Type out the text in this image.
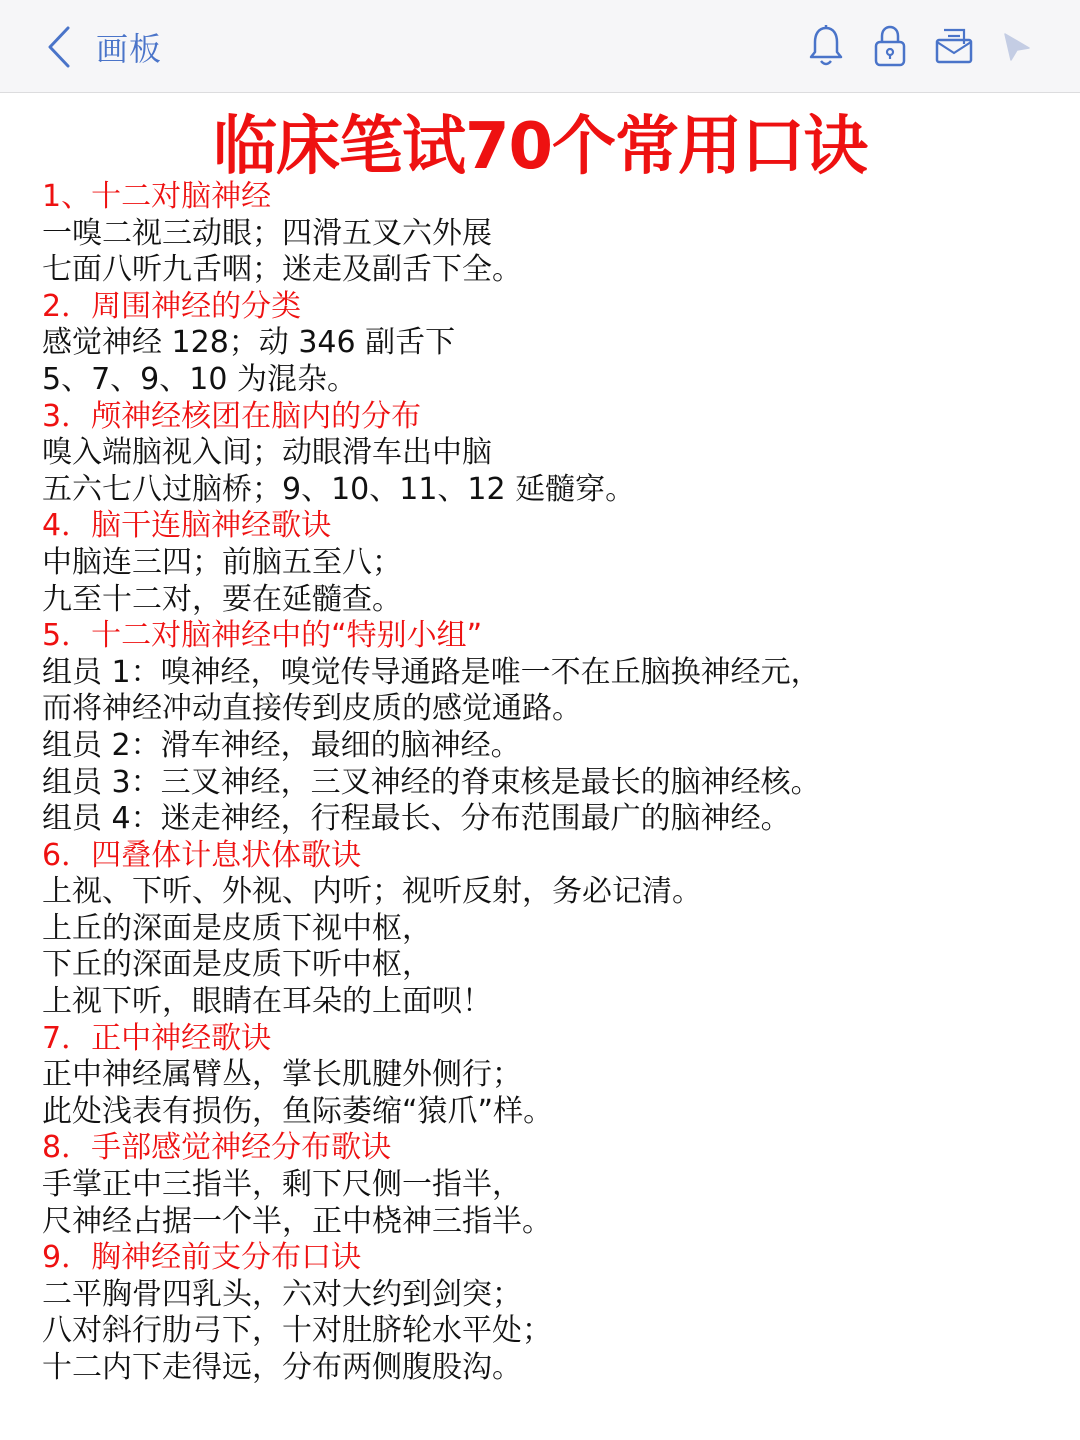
画板
临床笔试70个常用口诀
1、十二对脑神经
一嗅二视三动眼；四滑五叉六外展
七面八听九舌咽；迷走及副舌下全。
2．周围神经的分类
感觉神经 128；动 346 副舌下
5、7、9、10 为混杂。
3．颅神经核团在脑内的分布
嗅入端脑视入间；动眼滑车出中脑
五六七八过脑桥；9、10、11、12 延髓穿。
4．脑干连脑神经歌诀
中脑连三四；前脑五至八；
九至十二对，要在延髓查。
5．十二对脑神经中的“特别小组”
组员 1：嗅神经，嗅觉传导通路是唯一不在丘脑换神经元，
而将神经冲动直接传到皮质的感觉通路。
组员 2：滑车神经，最细的脑神经。
组员 3：三叉神经，三叉神经的脊束核是最长的脑神经核。
组员 4：迷走神经，行程最长、分布范围最广的脑神经。
6．四叠体计息状体歌诀
上视、下听、外视、内听；视听反射，务必记清。
上丘的深面是皮质下视中枢，
下丘的深面是皮质下听中枢，
上视下听，眼睛在耳朵的上面呗！
7．正中神经歌诀
正中神经属臂丛，掌长肌腱外侧行；
此处浅表有损伤，鱼际萎缩“猿爪”样。
8．手部感觉神经分布歌诀
手掌正中三指半，剩下尺侧一指半，
尺神经占据一个半，正中桡神三指半。
9．胸神经前支分布口诀
二平胸骨四乳头，六对大约到剑突；
八对斜行肋弓下，十对肚脐轮水平处；
十二内下走得远，分布两侧腹股沟。
